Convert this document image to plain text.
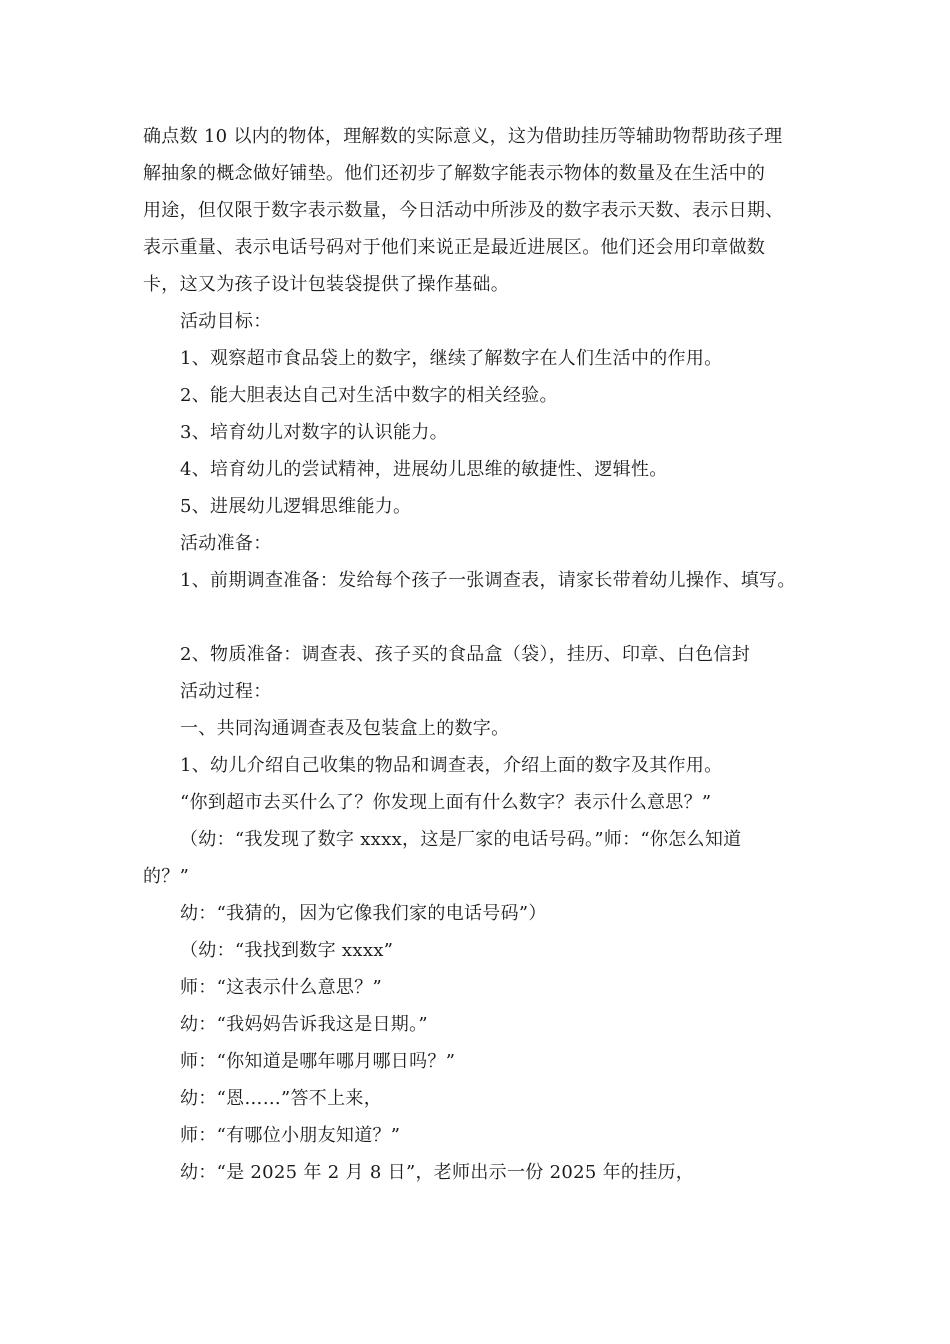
确点数 10 以内的物体，理解数的实际意义，这为借助挂历等辅助物帮助孩子理
解抽象的概念做好铺垫。他们还初步了解数字能表示物体的数量及在生活中的
用途，但仅限于数字表示数量，今日活动中所涉及的数字表示天数、表示日期、
表示重量、表示电话号码对于他们来说正是最近进展区。他们还会用印章做数
卡，这又为孩子设计包装袋提供了操作基础。
活动目标：
1、观察超市食品袋上的数字，继续了解数字在人们生活中的作用。
2、能大胆表达自己对生活中数字的相关经验。
3、培育幼儿对数字的认识能力。
4、培育幼儿的尝试精神，进展幼儿思维的敏捷性、逻辑性。
5、进展幼儿逻辑思维能力。
活动准备：
1、前期调查准备：发给每个孩子一张调查表，请家长带着幼儿操作、填写。
2、物质准备：调查表、孩子买的食品盒（袋），挂历、印章、白色信封
活动过程：
一、共同沟通调查表及包装盒上的数字。
1、幼儿介绍自己收集的物品和调查表，介绍上面的数字及其作用。
“你到超市去买什么了？你发现上面有什么数字？表示什么意思？”
（幼：“我发现了数字 xxxx，这是厂家的电话号码。”师：“你怎么知道
的？”
幼：“我猜的，因为它像我们家的电话号码”）
（幼：“我找到数字 xxxx”
师：“这表示什么意思？”
幼：“我妈妈告诉我这是日期。”
师：“你知道是哪年哪月哪日吗？”
幼：“恩……”答不上来，
师：“有哪位小朋友知道？”
幼：“是 2025 年 2 月 8 日”，老师出示一份 2025 年的挂历，
